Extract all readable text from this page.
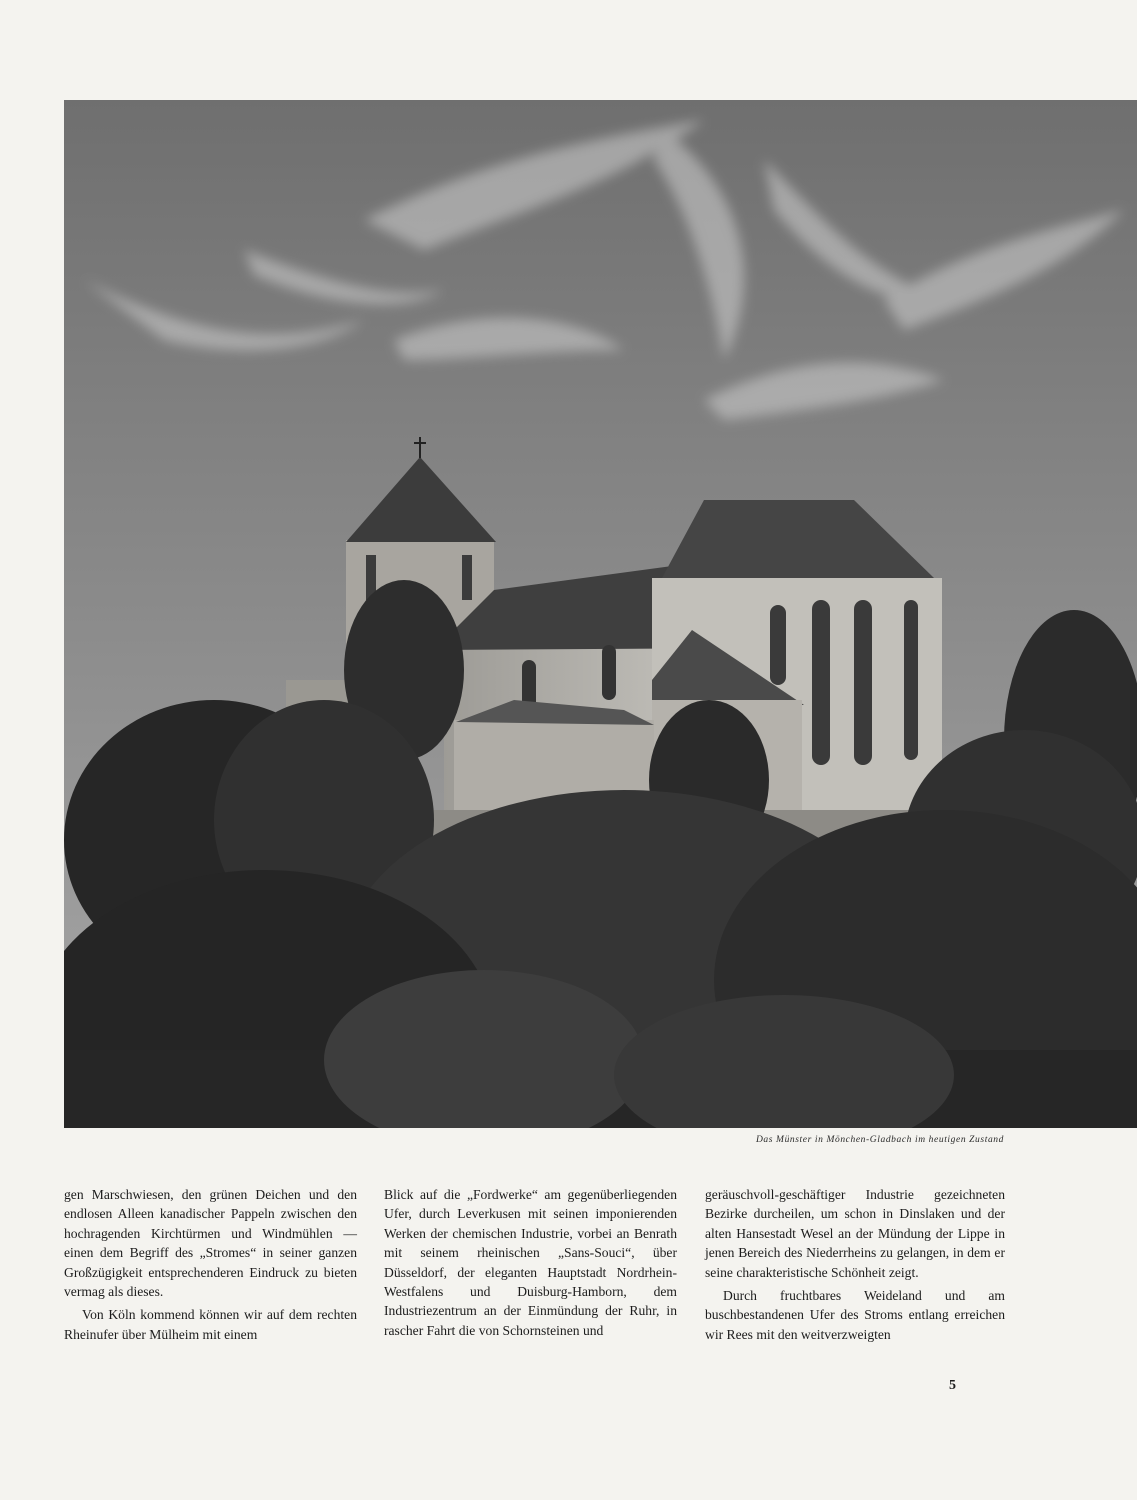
Das Münster in Mönchen-Gladbach im heutigen Zustand

gen Marschwiesen, den grünen Deichen und den endlosen Alleen kanadischer Pappeln zwischen den hochragenden Kirchtürmen und Windmühlen — einen dem Begriff des „Stromes“ in seiner ganzen Großzügigkeit entsprechenderen Eindruck zu bieten vermag als dieses.

Von Köln kommend können wir auf dem rechten Rheinufer über Mülheim mit einem

Blick auf die „Fordwerke“ am gegenüberliegenden Ufer, durch Leverkusen mit seinen imponierenden Werken der chemischen Industrie, vorbei an Benrath mit seinem rheinischen „Sans-Souci“, über Düsseldorf, der eleganten Hauptstadt Nordrhein-Westfalens und Duisburg-Hamborn, dem Industriezentrum an der Einmündung der Ruhr, in rascher Fahrt die von Schornsteinen und

geräuschvoll-geschäftiger Industrie gezeichneten Bezirke durcheilen, um schon in Dinslaken und der alten Hansestadt Wesel an der Mündung der Lippe in jenen Bereich des Niederrheins zu gelangen, in dem er seine charakteristische Schönheit zeigt.

Durch fruchtbares Weideland und am buschbestandenen Ufer des Stroms entlang erreichen wir Rees mit den weitverzweigten

5
